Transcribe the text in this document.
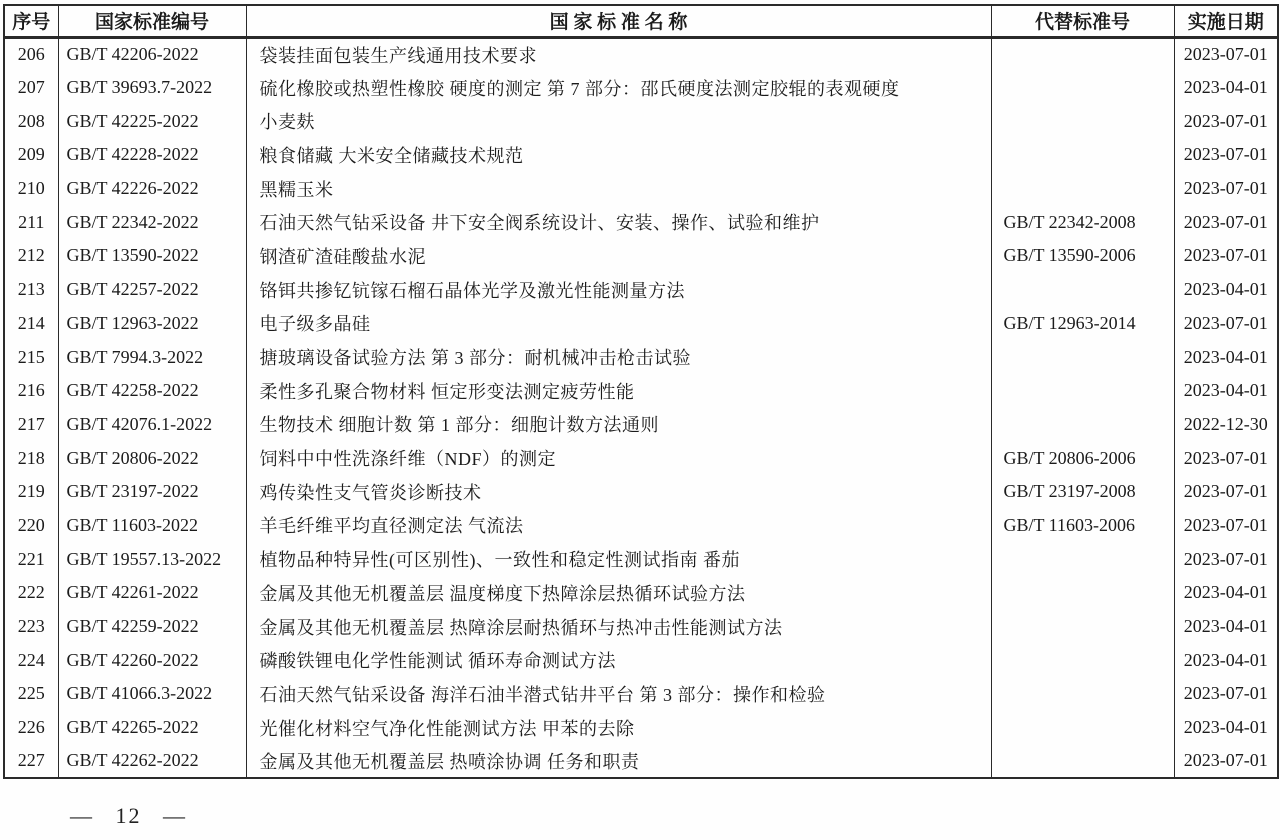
序号	国家标准编号	国 家 标 准 名 称	代替标准号	实施日期
206	GB/T 42206-2022	袋装挂面包装生产线通用技术要求		2023-07-01
207	GB/T 39693.7-2022	硫化橡胶或热塑性橡胶 硬度的测定 第 7 部分：邵氏硬度法测定胶辊的表观硬度		2023-04-01
208	GB/T 42225-2022	小麦麸		2023-07-01
209	GB/T 42228-2022	粮食储藏 大米安全储藏技术规范		2023-07-01
210	GB/T 42226-2022	黑糯玉米		2023-07-01
211	GB/T 22342-2022	石油天然气钻采设备 井下安全阀系统设计、安装、操作、试验和维护	GB/T 22342-2008	2023-07-01
212	GB/T 13590-2022	钢渣矿渣硅酸盐水泥	GB/T 13590-2006	2023-07-01
213	GB/T 42257-2022	铬铒共掺钇钪镓石榴石晶体光学及激光性能测量方法		2023-04-01
214	GB/T 12963-2022	电子级多晶硅	GB/T 12963-2014	2023-07-01
215	GB/T 7994.3-2022	搪玻璃设备试验方法 第 3 部分：耐机械冲击枪击试验		2023-04-01
216	GB/T 42258-2022	柔性多孔聚合物材料 恒定形变法测定疲劳性能		2023-04-01
217	GB/T 42076.1-2022	生物技术 细胞计数 第 1 部分：细胞计数方法通则		2022-12-30
218	GB/T 20806-2022	饲料中中性洗涤纤维（NDF）的测定	GB/T 20806-2006	2023-07-01
219	GB/T 23197-2022	鸡传染性支气管炎诊断技术	GB/T 23197-2008	2023-07-01
220	GB/T 11603-2022	羊毛纤维平均直径测定法 气流法	GB/T 11603-2006	2023-07-01
221	GB/T 19557.13-2022	植物品种特异性(可区别性)、一致性和稳定性测试指南 番茄		2023-07-01
222	GB/T 42261-2022	金属及其他无机覆盖层 温度梯度下热障涂层热循环试验方法		2023-04-01
223	GB/T 42259-2022	金属及其他无机覆盖层 热障涂层耐热循环与热冲击性能测试方法		2023-04-01
224	GB/T 42260-2022	磷酸铁锂电化学性能测试 循环寿命测试方法		2023-04-01
225	GB/T 41066.3-2022	石油天然气钻采设备 海洋石油半潜式钻井平台 第 3 部分：操作和检验		2023-07-01
226	GB/T 42265-2022	光催化材料空气净化性能测试方法 甲苯的去除		2023-04-01
227	GB/T 42262-2022	金属及其他无机覆盖层 热喷涂协调 任务和职责		2023-07-01
— 12 —
